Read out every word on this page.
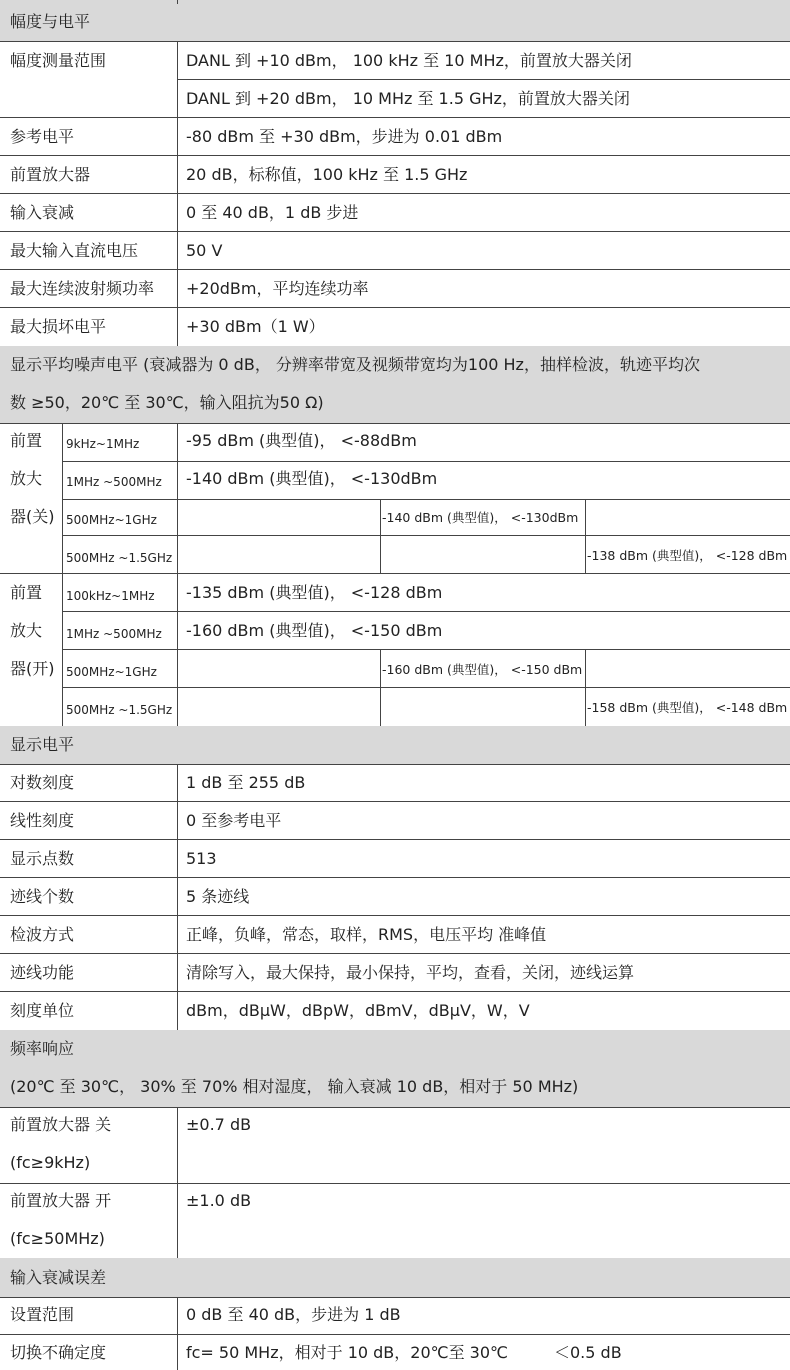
幅度与电平
幅度测量范围	DANL 到 +10 dBm， 100 kHz 至 10 MHz，前置放大器关闭
DANL 到 +20 dBm， 10 MHz 至 1.5 GHz，前置放大器关闭
参考电平	-80 dBm 至 +30 dBm，步进为 0.01 dBm
前置放大器	20 dB，标称值，100 kHz 至 1.5 GHz
输入衰减	0 至 40 dB，1 dB 步进
最大输入直流电压	50 V
最大连续波射频功率 +20dBm，平均连续功率
最大损坏电平	+30 dBm（1 W）
显示平均噪声电平 (衰减器为 0 dB， 分辨率带宽及视频带宽均为100 Hz，抽样检波，轨迹平均次
数 ≥50，20℃ 至 30℃，输入阻抗为50 Ω)
前置
放大
器(关)
9kHz~1MHz	-95 dBm (典型值)， <-88dBm
1MHz ~500MHz -140 dBm (典型值)， <-130dBm
500MHz~1GHz	-140 dBm (典型值)， <-130dBm
500MHz ~1.5GHz	-138 dBm (典型值)， <-128 dBm
前置
放大
器(开)
100kHz~1MHz -135 dBm (典型值)， <-128 dBm
1MHz ~500MHz -160 dBm (典型值)， <-150 dBm
500MHz~1GHz	-160 dBm (典型值)， <-150 dBm
500MHz ~1.5GHz	-158 dBm (典型值)， <-148 dBm
显示电平
对数刻度	1 dB 至 255 dB
线性刻度	0 至参考电平
显示点数	513
迹线个数	5 条迹线
检波方式	正峰，负峰，常态，取样，RMS，电压平均 准峰值
迹线功能	清除写入，最大保持，最小保持，平均，查看，关闭，迹线运算
刻度单位	dBm，dBμW，dBpW，dBmV，dBμV，W，V
频率响应
(20℃ 至 30℃， 30% 至 70% 相对湿度， 输入衰减 10 dB，相对于 50 MHz)
前置放大器 关
(fc≥9kHz)
±0.7 dB
前置放大器 开
(fc≥50MHz)
±1.0 dB
输入衰减误差
设置范围	0 dB 至 40 dB，步进为 1 dB
切换不确定度	fc= 50 MHz，相对于 10 dB，20℃至 30℃	＜0.5 dB
